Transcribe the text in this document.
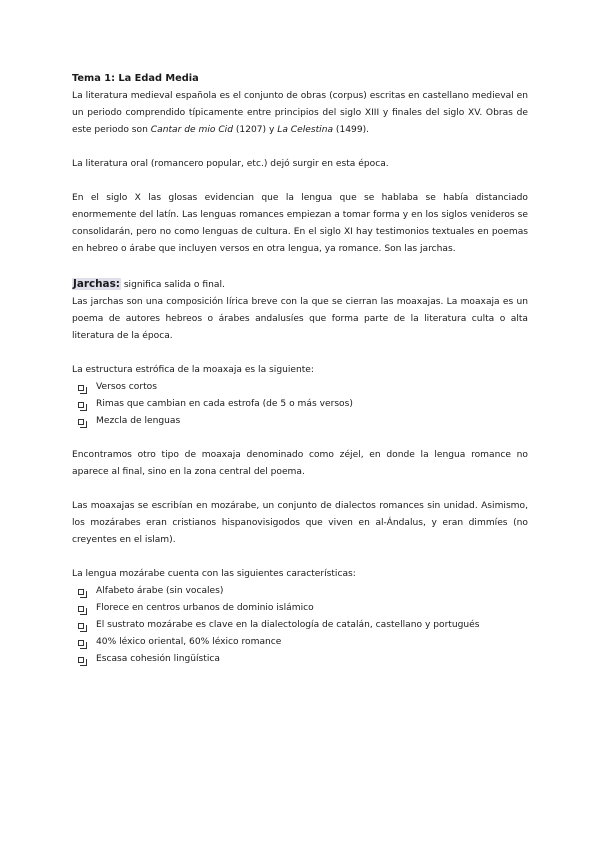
Tema 1: La Edad Media

La literatura medieval española es el conjunto de obras (corpus) escritas en castellano medieval en un periodo comprendido típicamente entre principios del siglo XIII y finales del siglo XV. Obras de este periodo son Cantar de mio Cid (1207) y La Celestina (1499).

La literatura oral (romancero popular, etc.) dejó surgir en esta época.

En el siglo X las glosas evidencian que la lengua que se hablaba se había distanciado enormemente del latín. Las lenguas romances empiezan a tomar forma y en los siglos venideros se consolidarán, pero no como lenguas de cultura. En el siglo XI hay testimonios textuales en poemas en hebreo o árabe que incluyen versos en otra lengua, ya romance. Son las jarchas.

Jarchas: significa salida o final.

Las jarchas son una composición lírica breve con la que se cierran las moaxajas. La moaxaja es un poema de autores hebreos o árabes andalusíes que forma parte de la literatura culta o alta literatura de la época.

La estructura estrófica de la moaxaja es la siguiente:

Versos cortos
Rimas que cambian en cada estrofa (de 5 o más versos)
Mezcla de lenguas

Encontramos otro tipo de moaxaja denominado como zéjel, en donde la lengua romance no aparece al final, sino en la zona central del poema.

Las moaxajas se escribían en mozárabe, un conjunto de dialectos romances sin unidad. Asimismo, los mozárabes eran cristianos hispanovisigodos que viven en al-Ándalus, y eran dimmíes (no creyentes en el islam).

La lengua mozárabe cuenta con las siguientes características:

Alfabeto árabe (sin vocales)
Florece en centros urbanos de dominio islámico
El sustrato mozárabe es clave en la dialectología de catalán, castellano y portugués
40% léxico oriental, 60% léxico romance
Escasa cohesión lingüística
